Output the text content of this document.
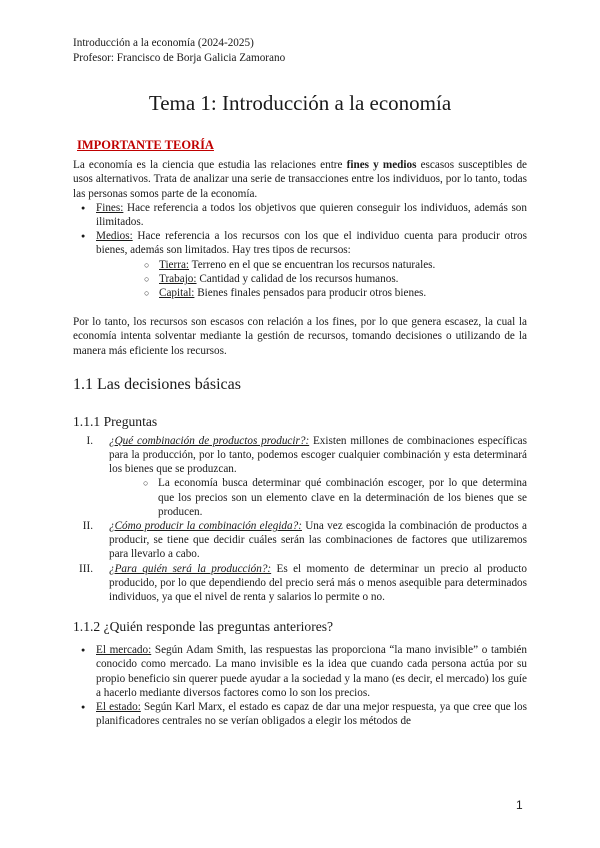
Introducción a la economía (2024-2025)
Profesor: Francisco de Borja Galicia Zamorano
Tema 1: Introducción a la economía

IMPORTANTE TEORÍA

La economía es la ciencia que estudia las relaciones entre fines y medios escasos susceptibles de usos alternativos. Trata de analizar una serie de transacciones entre los individuos, por lo tanto, todas las personas somos parte de la economía.

● Fines: Hace referencia a todos los objetivos que quieren conseguir los individuos, además son ilimitados.
● Medios: Hace referencia a los recursos con los que el individuo cuenta para producir otros bienes, además son limitados. Hay tres tipos de recursos:
○ Tierra: Terreno en el que se encuentran los recursos naturales.
○ Trabajo: Cantidad y calidad de los recursos humanos.
○ Capital: Bienes finales pensados para producir otros bienes.

Por lo tanto, los recursos son escasos con relación a los fines, por lo que genera escasez, la cual la economía intenta solventar mediante la gestión de recursos, tomando decisiones o utilizando de la manera más eficiente los recursos.

1.1 Las decisiones básicas
1.1.1 Preguntas
I. ¿Qué combinación de productos producir?: Existen millones de combinaciones específicas para la producción, por lo tanto, podemos escoger cualquier combinación y esta determinará los bienes que se produzcan.
○ La economía busca determinar qué combinación escoger, por lo que determina que los precios son un elemento clave en la determinación de los bienes que se producen.
II. ¿Cómo producir la combinación elegida?: Una vez escogida la combinación de productos a producir, se tiene que decidir cuáles serán las combinaciones de factores que utilizaremos para llevarlo a cabo.
III. ¿Para quién será la producción?: Es el momento de determinar un precio al producto producido, por lo que dependiendo del precio será más o menos asequible para determinados individuos, ya que el nivel de renta y salarios lo permite o no.
1.1.2 ¿Quién responde las preguntas anteriores?
● El mercado: Según Adam Smith, las respuestas las proporciona “la mano invisible” o también conocido como mercado. La mano invisible es la idea que cuando cada persona actúa por su propio beneficio sin querer puede ayudar a la sociedad y la mano (es decir, el mercado) los guíe a hacerlo mediante diversos factores como lo son los precios.
● El estado: Según Karl Marx, el estado es capaz de dar una mejor respuesta, ya que cree que los planificadores centrales no se verían obligados a elegir los métodos de
1
